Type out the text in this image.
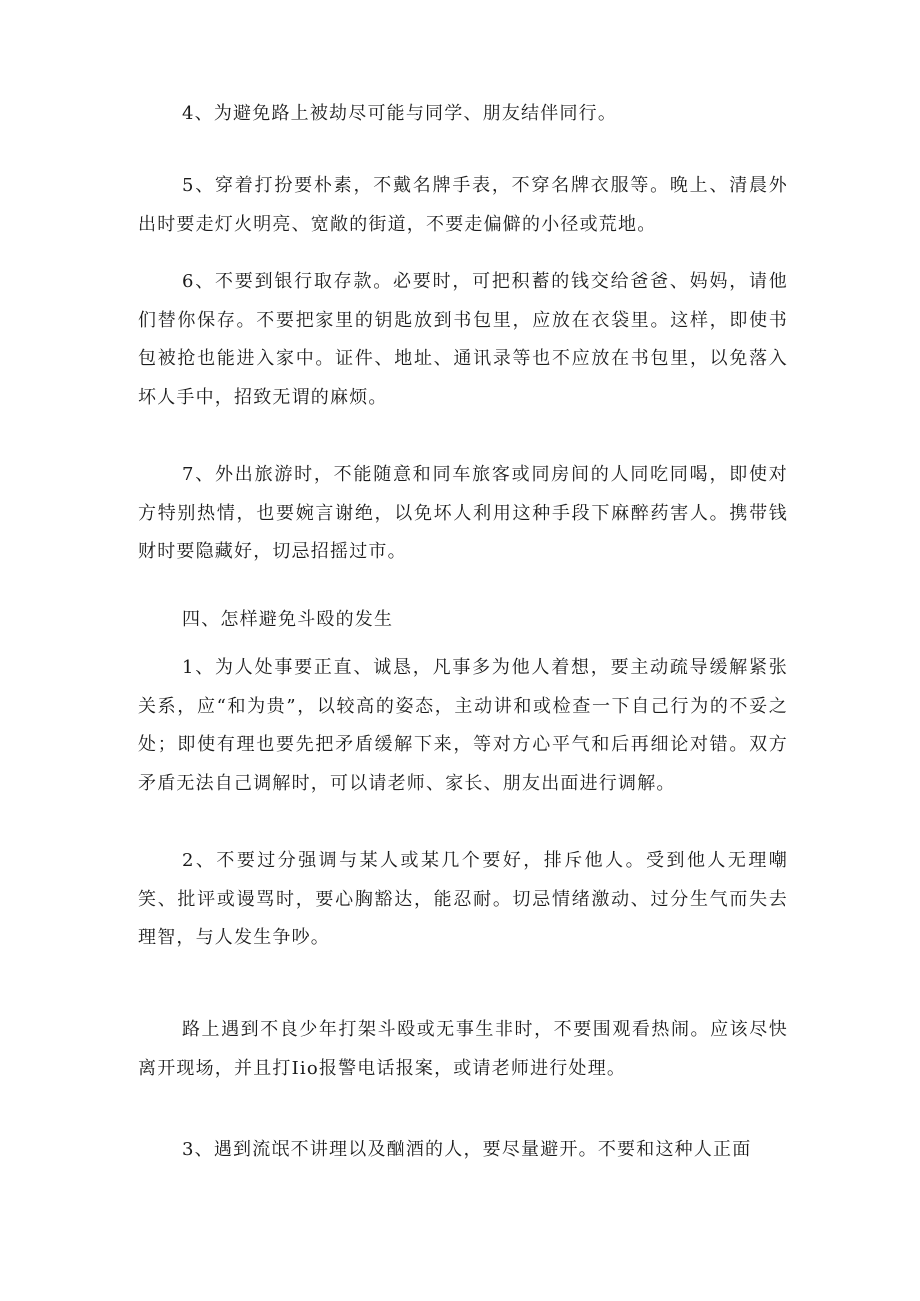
4、为避免路上被劫尽可能与同学、朋友结伴同行。

5、穿着打扮要朴素，不戴名牌手表，不穿名牌衣服等。晚上、清晨外出时要走灯火明亮、宽敞的街道，不要走偏僻的小径或荒地。

6、不要到银行取存款。必要时，可把积蓄的钱交给爸爸、妈妈，请他们替你保存。不要把家里的钥匙放到书包里，应放在衣袋里。这样，即使书包被抢也能进入家中。证件、地址、通讯录等也不应放在书包里，以免落入坏人手中，招致无谓的麻烦。

7、外出旅游时，不能随意和同车旅客或同房间的人同吃同喝，即使对方特别热情，也要婉言谢绝，以免坏人利用这种手段下麻醉药害人。携带钱财时要隐藏好，切忌招摇过市。

四、怎样避免斗殴的发生

1、为人处事要正直、诚恳，凡事多为他人着想，要主动疏导缓解紧张关系，应“和为贵”，以较高的姿态，主动讲和或检查一下自己行为的不妥之处；即使有理也要先把矛盾缓解下来，等对方心平气和后再细论对错。双方矛盾无法自己调解时，可以请老师、家长、朋友出面进行调解。

2、不要过分强调与某人或某几个要好，排斥他人。受到他人无理嘲笑、批评或谩骂时，要心胸豁达，能忍耐。切忌情绪激动、过分生气而失去理智，与人发生争吵。

路上遇到不良少年打架斗殴或无事生非时，不要围观看热闹。应该尽快离开现场，并且打Iio报警电话报案，或请老师进行处理。

3、遇到流氓不讲理以及酗酒的人，要尽量避开。不要和这种人正面
